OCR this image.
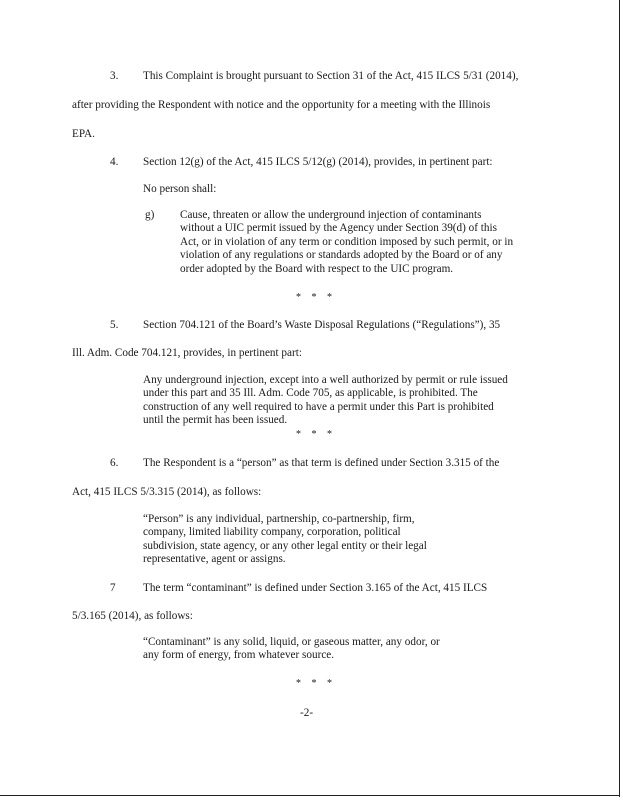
3. This Complaint is brought pursuant to Section 31 of the Act, 415 ILCS 5/31 (2014),
after providing the Respondent with notice and the opportunity for a meeting with the Illinois
EPA.
4. Section 12(g) of the Act, 415 ILCS 5/12(g) (2014), provides, in pertinent part:
No person shall:
g) Cause, threaten or allow the underground injection of contaminants
without a UIC permit issued by the Agency under Section 39(d) of this
Act, or in violation of any term or condition imposed by such permit, or in
violation of any regulations or standards adopted by the Board or of any
order adopted by the Board with respect to the UIC program.
* * *
5. Section 704.121 of the Board’s Waste Disposal Regulations (“Regulations”), 35
Ill. Adm. Code 704.121, provides, in pertinent part:
Any underground injection, except into a well authorized by permit or rule issued
under this part and 35 Ill. Adm. Code 705, as applicable, is prohibited. The
construction of any well required to have a permit under this Part is prohibited
until the permit has been issued.
* * *
6. The Respondent is a “person” as that term is defined under Section 3.315 of the
Act, 415 ILCS 5/3.315 (2014), as follows:
“Person” is any individual, partnership, co-partnership, firm,
company, limited liability company, corporation, political
subdivision, state agency, or any other legal entity or their legal
representative, agent or assigns.
7 The term “contaminant” is defined under Section 3.165 of the Act, 415 ILCS
5/3.165 (2014), as follows:
“Contaminant” is any solid, liquid, or gaseous matter, any odor, or
any form of energy, from whatever source.
* * *
-2-
